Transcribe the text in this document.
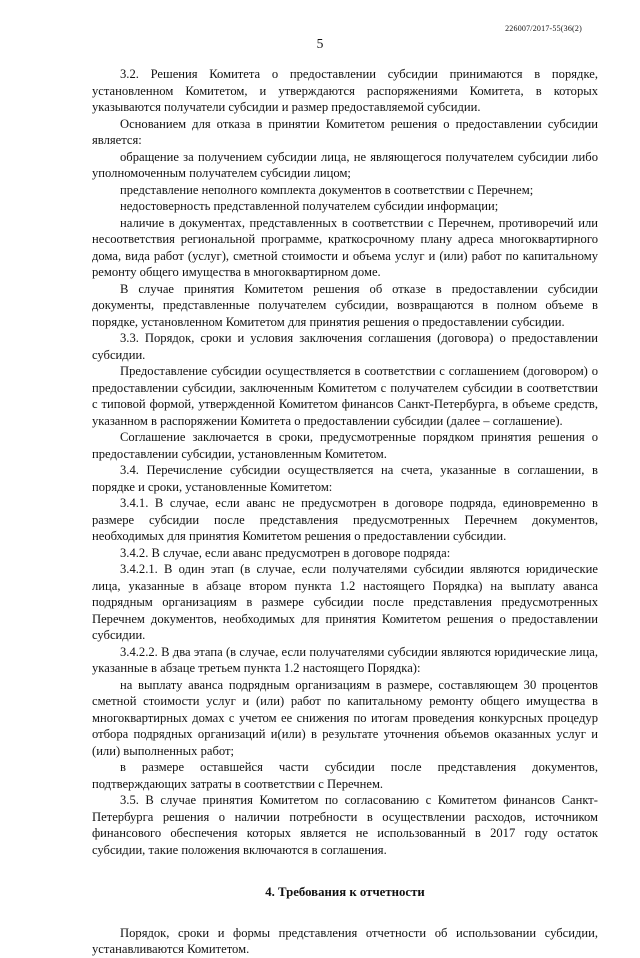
226007/2017-55(36(2)
5

3.2. Решения Комитета о предоставлении субсидии принимаются в порядке, установленном Комитетом, и утверждаются распоряжениями Комитета, в которых указываются получатели субсидии и размер предоставляемой субсидии.

Основанием для отказа в принятии Комитетом решения о предоставлении субсидии является:

обращение за получением субсидии лица, не являющегося получателем субсидии либо уполномоченным получателем субсидии лицом;

представление неполного комплекта документов в соответствии с Перечнем;

недостоверность представленной получателем субсидии информации;

наличие в документах, представленных в соответствии с Перечнем, противоречий или несоответствия региональной программе, краткосрочному плану адреса многоквартирного дома, вида работ (услуг), сметной стоимости и объема услуг и (или) работ по капитальному ремонту общего имущества в многоквартирном доме.

В случае принятия Комитетом решения об отказе в предоставлении субсидии документы, представленные получателем субсидии, возвращаются в полном объеме в порядке, установленном Комитетом для принятия решения о предоставлении субсидии.

3.3. Порядок, сроки и условия заключения соглашения (договора) о предоставлении субсидии.

Предоставление субсидии осуществляется в соответствии с соглашением (договором) о предоставлении субсидии, заключенным Комитетом с получателем субсидии в соответствии с типовой формой, утвержденной Комитетом финансов Санкт-Петербурга, в объеме средств, указанном в распоряжении Комитета о предоставлении субсидии (далее – соглашение).

Соглашение заключается в сроки, предусмотренные порядком принятия решения о предоставлении субсидии, установленным Комитетом.

3.4. Перечисление субсидии осуществляется на счета, указанные в соглашении, в порядке и сроки, установленные Комитетом:

3.4.1. В случае, если аванс не предусмотрен в договоре подряда, единовременно в размере субсидии после представления предусмотренных Перечнем документов, необходимых для принятия Комитетом решения о предоставлении субсидии.

3.4.2. В случае, если аванс предусмотрен в договоре подряда:

3.4.2.1. В один этап (в случае, если получателями субсидии являются юридические лица, указанные в абзаце втором пункта 1.2 настоящего Порядка) на выплату аванса подрядным организациям в размере субсидии после представления предусмотренных Перечнем документов, необходимых для принятия Комитетом решения о предоставлении субсидии.

3.4.2.2. В два этапа (в случае, если получателями субсидии являются юридические лица, указанные в абзаце третьем пункта 1.2 настоящего Порядка):

на выплату аванса подрядным организациям в размере, составляющем 30 процентов сметной стоимости услуг и (или) работ по капитальному ремонту общего имущества в многоквартирных домах с учетом ее снижения по итогам проведения конкурсных процедур отбора подрядных организаций и(или) в результате уточнения объемов оказанных услуг и (или) выполненных работ;

в размере оставшейся части субсидии после представления документов, подтверждающих затраты в соответствии с Перечнем.

3.5. В случае принятия Комитетом по согласованию с Комитетом финансов Санкт-Петербурга решения о наличии потребности в осуществлении расходов, источником финансового обеспечения которых является не использованный в 2017 году остаток субсидии, такие положения включаются в соглашения.

4. Требования к отчетности

Порядок, сроки и формы представления отчетности об использовании субсидии, устанавливаются Комитетом.
